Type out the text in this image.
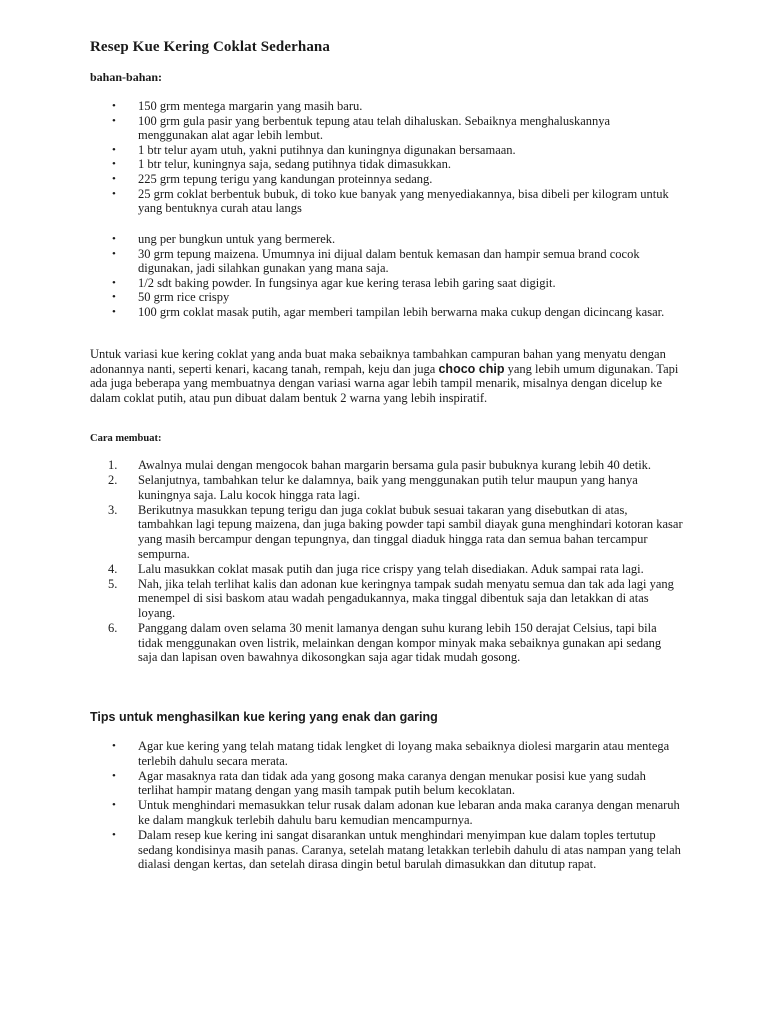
Resep Kue Kering Coklat Sederhana
bahan-bahan:
• 150 grm mentega margarin yang masih baru.
• 100 grm gula pasir yang berbentuk tepung atau telah dihaluskan. Sebaiknya menghaluskannya menggunakan alat agar lebih lembut.
• 1 btr telur ayam utuh, yakni putihnya dan kuningnya digunakan bersamaan.
• 1 btr telur, kuningnya saja, sedang putihnya tidak dimasukkan.
• 225 grm tepung terigu yang kandungan proteinnya sedang.
• 25 grm coklat berbentuk bubuk, di toko kue banyak yang menyediakannya, bisa dibeli per kilogram untuk yang bentuknya curah atau langs
• ung per bungkun untuk yang bermerek.
• 30 grm tepung maizena. Umumnya ini dijual dalam bentuk kemasan dan hampir semua brand cocok digunakan, jadi silahkan gunakan yang mana saja.
• 1/2 sdt baking powder. In fungsinya agar kue kering terasa lebih garing saat digigit.
• 50 grm rice crispy
• 100 grm coklat masak putih, agar memberi tampilan lebih berwarna maka cukup dengan dicincang kasar.

Untuk variasi kue kering coklat yang anda buat maka sebaiknya tambahkan campuran bahan yang menyatu dengan adonannya nanti, seperti kenari, kacang tanah, rempah, keju dan juga choco chip yang lebih umum digunakan. Tapi ada juga beberapa yang membuatnya dengan variasi warna agar lebih tampil menarik, misalnya dengan dicelup ke dalam coklat putih, atau pun dibuat dalam bentuk 2 warna yang lebih inspiratif.

Cara membuat:
1.	Awalnya mulai dengan mengocok bahan margarin bersama gula pasir bubuknya kurang lebih 40 detik.
2.	Selanjutnya, tambahkan telur ke dalamnya, baik yang menggunakan putih telur maupun yang hanya kuningnya saja. Lalu kocok hingga rata lagi.
3.	Berikutnya masukkan tepung terigu dan juga coklat bubuk sesuai takaran yang disebutkan di atas, tambahkan lagi tepung maizena, dan juga baking powder tapi sambil diayak guna menghindari kotoran kasar yang masih bercampur dengan tepungnya, dan tinggal diaduk hingga rata dan semua bahan tercampur sempurna.
4.	Lalu masukkan coklat masak putih dan juga rice crispy yang telah disediakan. Aduk sampai rata lagi.
5.	Nah, jika telah terlihat kalis dan adonan kue keringnya tampak sudah menyatu semua dan tak ada lagi yang menempel di sisi baskom atau wadah pengadukannya, maka tinggal dibentuk saja dan letakkan di atas loyang.
6.	Panggang dalam oven selama 30 menit lamanya dengan suhu kurang lebih 150 derajat Celsius, tapi bila tidak menggunakan oven listrik, melainkan dengan kompor minyak maka sebaiknya gunakan api sedang saja dan lapisan oven bawahnya dikosongkan saja agar tidak mudah gosong.
Tips untuk menghasilkan kue kering yang enak dan garing
• Agar kue kering yang telah matang tidak lengket di loyang maka sebaiknya diolesi margarin atau mentega terlebih dahulu secara merata.
• Agar masaknya rata dan tidak ada yang gosong maka caranya dengan menukar posisi kue yang sudah terlihat hampir matang dengan yang masih tampak putih belum kecoklatan.
• Untuk menghindari memasukkan telur rusak dalam adonan kue lebaran anda maka caranya dengan menaruh ke dalam mangkuk terlebih dahulu baru kemudian mencampurnya.
• Dalam resep kue kering ini sangat disarankan untuk menghindari menyimpan kue dalam toples tertutup sedang kondisinya masih panas. Caranya, setelah matang letakkan terlebih dahulu di atas nampan yang telah dialasi dengan kertas, dan setelah dirasa dingin betul barulah dimasukkan dan ditutup rapat.
